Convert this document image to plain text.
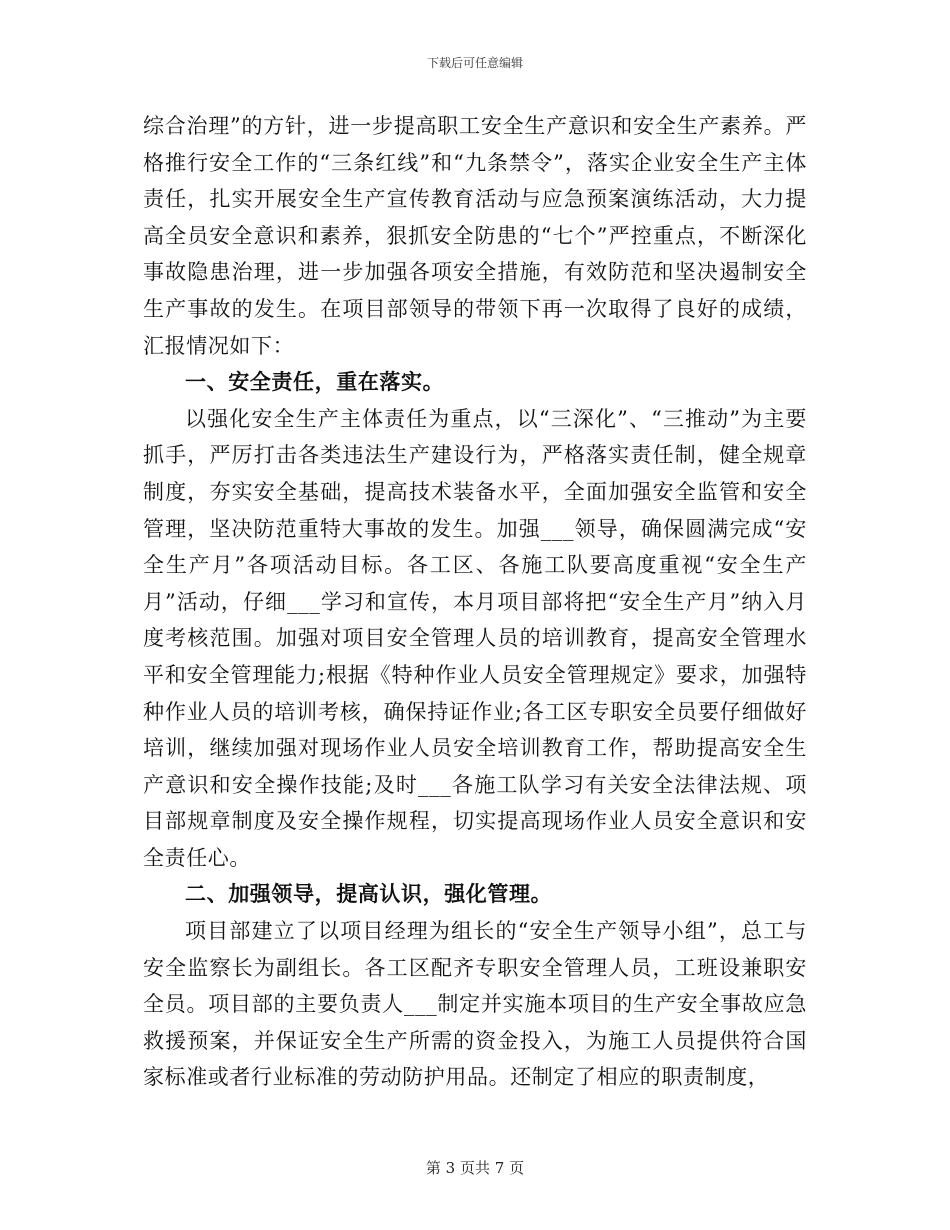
下载后可任意编辑

综合治理”的方针，进一步提高职工安全生产意识和安全生产素养。严格推行安全工作的“三条红线”和“九条禁令”，落实企业安全生产主体责任，扎实开展安全生产宣传教育活动与应急预案演练活动，大力提高全员安全意识和素养，狠抓安全防患的“七个”严控重点，不断深化事故隐患治理，进一步加强各项安全措施，有效防范和坚决遏制安全生产事故的发生。在项目部领导的带领下再一次取得了良好的成绩，汇报情况如下：

一、安全责任，重在落实。

以强化安全生产主体责任为重点，以“三深化”、“三推动”为主要抓手，严厉打击各类违法生产建设行为，严格落实责任制，健全规章制度，夯实安全基础，提高技术装备水平，全面加强安全监管和安全管理，坚决防范重特大事故的发生。加强___领导，确保圆满完成“安全生产月”各项活动目标。各工区、各施工队要高度重视“安全生产月”活动，仔细___学习和宣传，本月项目部将把“安全生产月”纳入月度考核范围。加强对项目安全管理人员的培训教育，提高安全管理水平和安全管理能力;根据《特种作业人员安全管理规定》要求，加强特种作业人员的培训考核，确保持证作业;各工区专职安全员要仔细做好培训，继续加强对现场作业人员安全培训教育工作，帮助提高安全生产意识和安全操作技能;及时___各施工队学习有关安全法律法规、项目部规章制度及安全操作规程，切实提高现场作业人员安全意识和安全责任心。

二、加强领导，提高认识，强化管理。

项目部建立了以项目经理为组长的“安全生产领导小组”，总工与安全监察长为副组长。各工区配齐专职安全管理人员，工班设兼职安全员。项目部的主要负责人___制定并实施本项目的生产安全事故应急救援预案，并保证安全生产所需的资金投入，为施工人员提供符合国家标准或者行业标准的劳动防护用品。还制定了相应的职责制度，

第 3 页共 7 页
